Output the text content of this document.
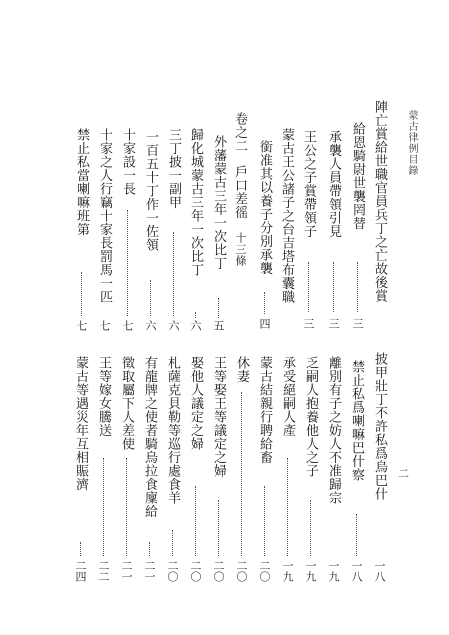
蒙古律例目錄
二
陣亡賞給世職官員兵丁之亡故後賞
給恩騎尉世襲罔替
三
承襲人員帶領引見
三
王公之子賞帶領子
三
蒙古王公諸子之台吉塔布囊職
銜准其以養子分別承襲
四
卷之二
戶口差徭
十三條
外藩蒙古三年一次比丁
五
歸化城蒙古三年一次比丁
六
三丁披一副甲
六
一百五十丁作一佐領
六
十家設一長
七
十家之人行竊十家長罰馬一匹
七
禁止私當喇嘛班第
七
披甲壯丁不許私爲烏巴什
一八
禁止私爲喇嘛巴什察
一八
離別有子之妨人不准歸宗
一九
乏嗣人抱養他人之子
一九
承受絕嗣人產
一九
蒙古結親行聘給畜
二〇
休妻
二〇
王等娶王等議定之婦
二〇
娶他人議定之婦
二〇
札薩克貝勒等巡行處食羊
二〇
有龍牌之使者騎烏拉食廩給
二一
徵取屬下人差使
二一
王等嫁女騰送
二二
蒙古等遇災年互相賑濟
二四
